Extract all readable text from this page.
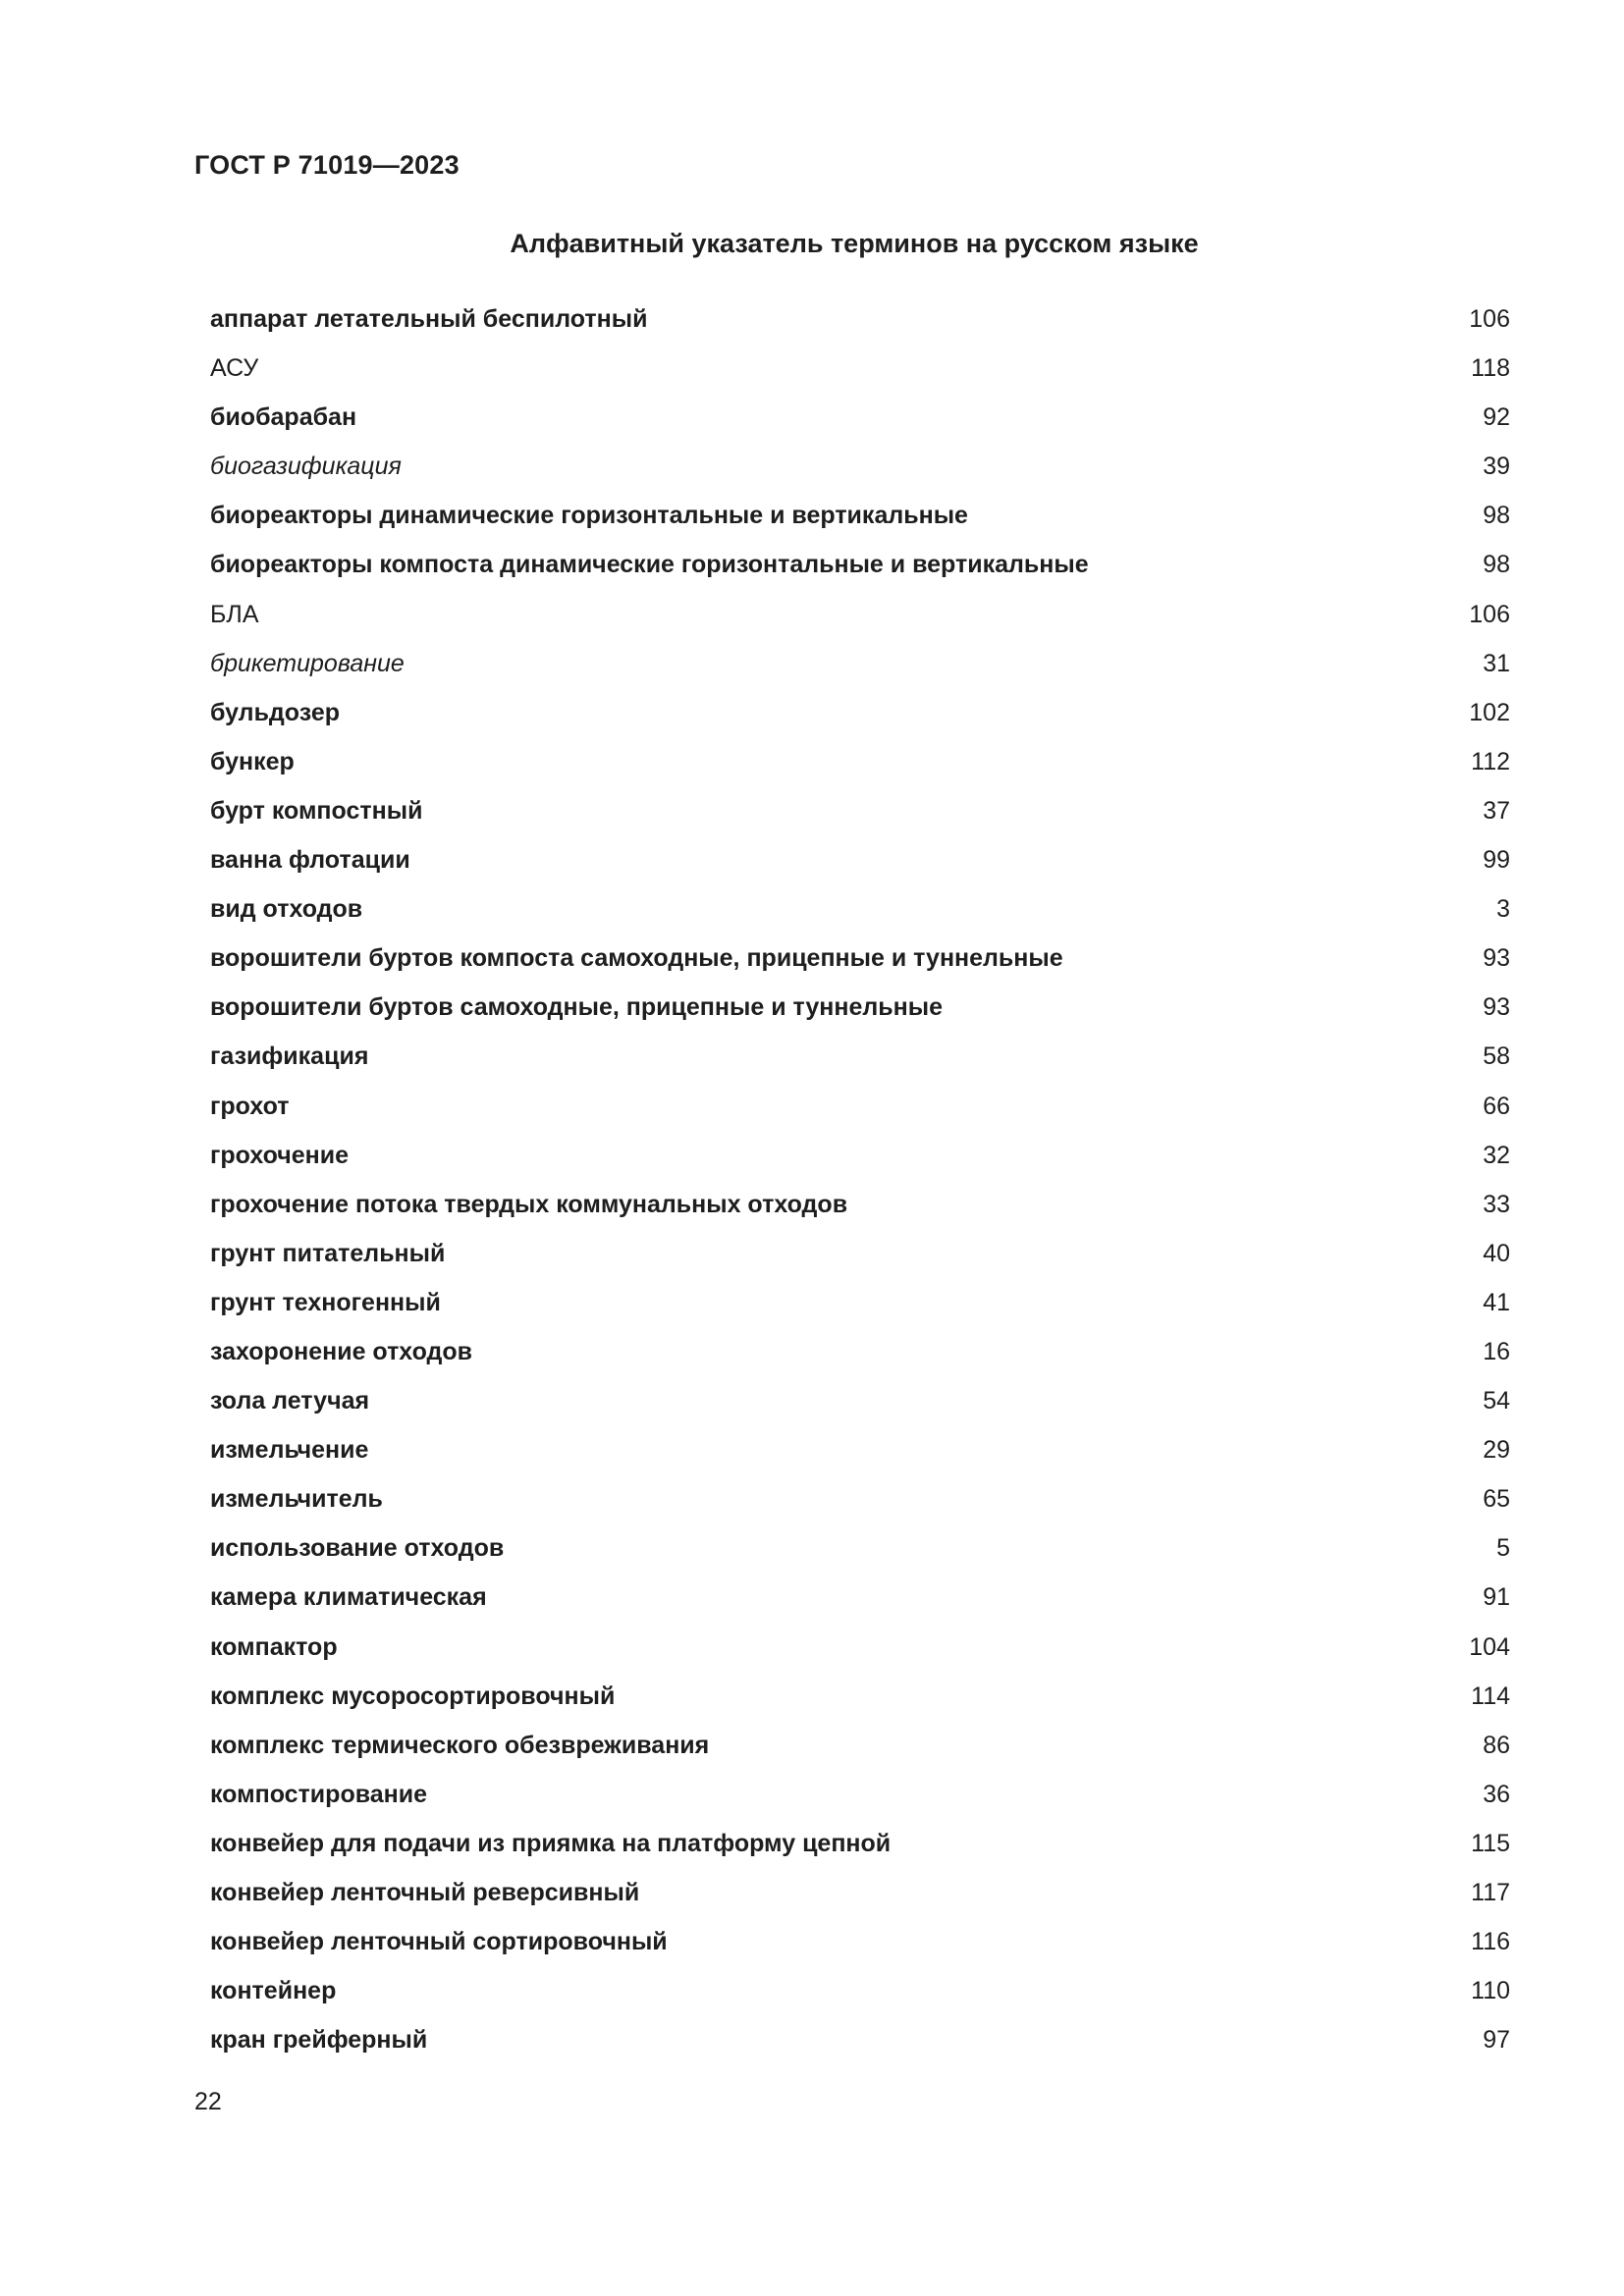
ГОСТ Р 71019—2023
Алфавитный указатель терминов на русском языке
аппарат летательный беспилотный	106
АСУ	118
биобарабан	92
биогазификация	39
биореакторы динамические горизонтальные и вертикальные	98
биореакторы компоста динамические горизонтальные и вертикальные	98
БЛА	106
брикетирование	31
бульдозер	102
бункер	112
бурт компостный	37
ванна флотации	99
вид отходов	3
ворошители буртов компоста самоходные, прицепные и туннельные	93
ворошители буртов самоходные, прицепные и туннельные	93
газификация	58
грохот	66
грохочение	32
грохочение потока твердых коммунальных отходов	33
грунт питательный	40
грунт техногенный	41
захоронение отходов	16
зола летучая	54
измельчение	29
измельчитель	65
использование отходов	5
камера климатическая	91
компактор	104
комплекс мусоросортировочный	114
комплекс термического обезвреживания	86
компостирование	36
конвейер для подачи из приямка на платформу цепной	115
конвейер ленточный реверсивный	117
конвейер ленточный сортировочный	116
контейнер	110
кран грейферный	97
22
